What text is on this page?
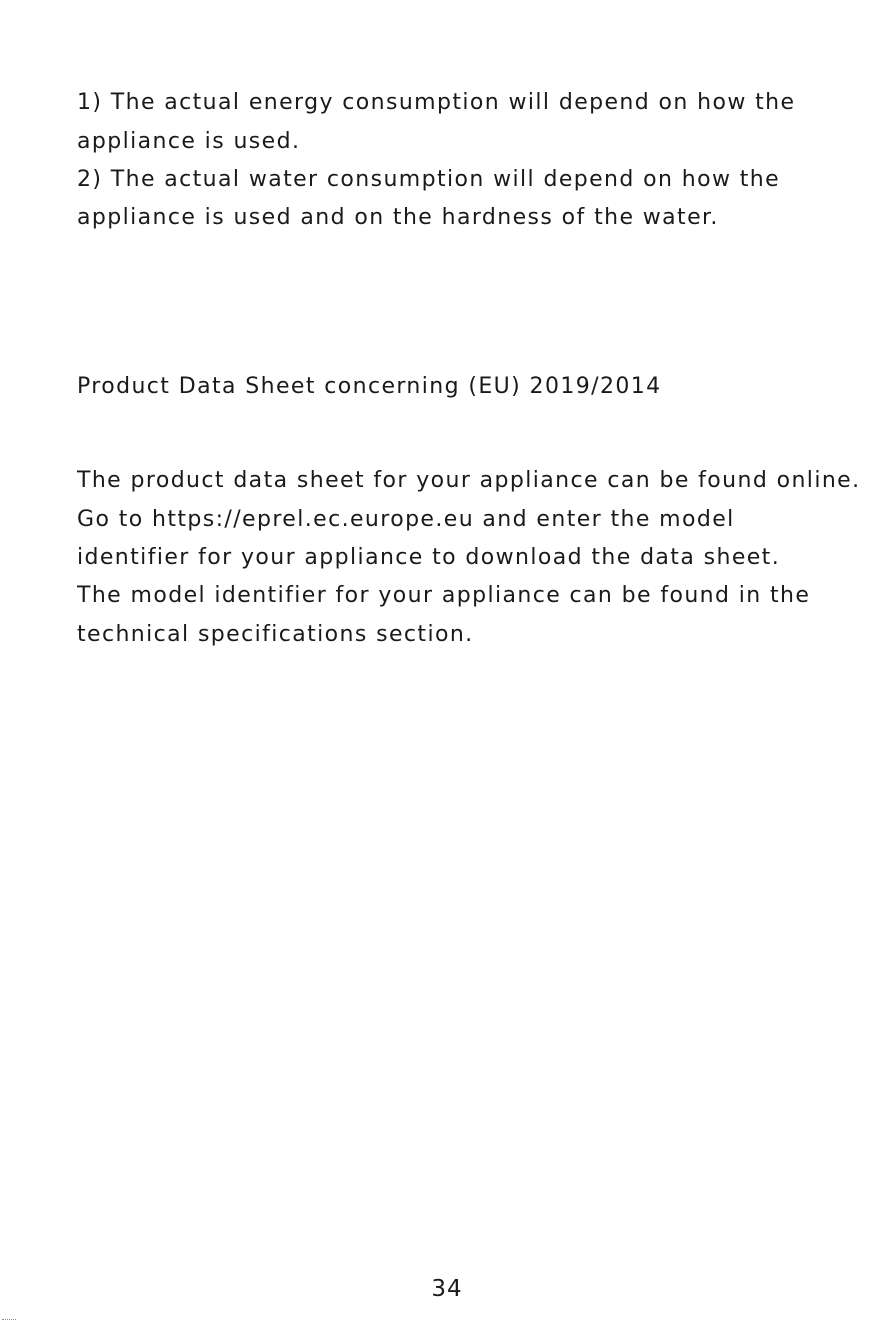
1) The actual energy consumption will depend on how the
appliance is used.
2) The actual water consumption will depend on how the
appliance is used and on the hardness of the water.
Product Data Sheet concerning (EU) 2019/2014
The product data sheet for your appliance can be found online.
Go to https://eprel.ec.europe.eu and enter the model
identifier for your appliance to download the data sheet.
The model identifier for your appliance can be found in the
technical specifications section.
34
